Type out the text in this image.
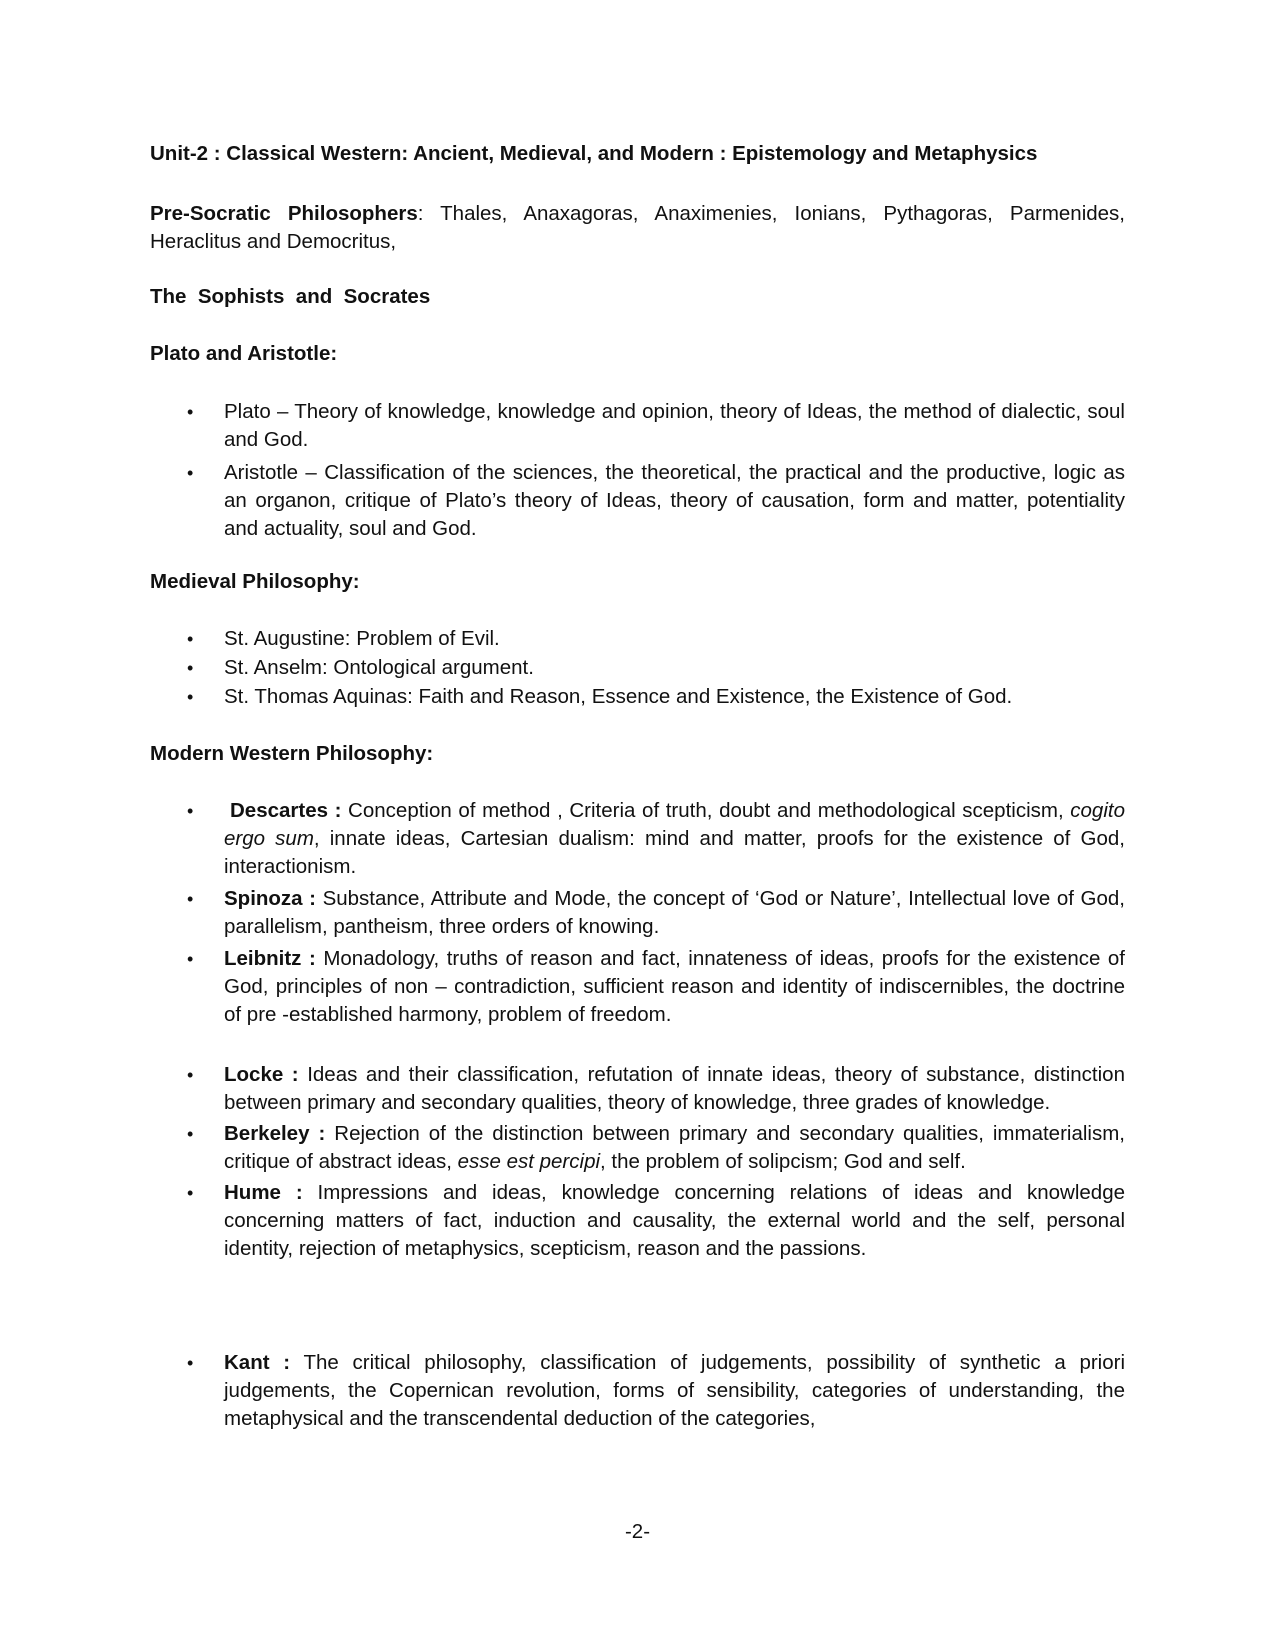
Unit-2 : Classical Western: Ancient, Medieval, and Modern : Epistemology and Metaphysics
Pre-Socratic Philosophers: Thales, Anaxagoras, Anaximenies, Ionians, Pythagoras, Parmenides, Heraclitus and Democritus,
The  Sophists  and  Socrates
Plato and Aristotle:
• Plato – Theory of knowledge, knowledge and opinion, theory of Ideas, the method of dialectic, soul and God.
• Aristotle – Classification of the sciences, the theoretical, the practical and the productive, logic as an organon, critique of Plato’s theory of Ideas, theory of causation, form and matter, potentiality and actuality, soul and God.
Medieval Philosophy:
• St. Augustine: Problem of Evil.
• St. Anselm: Ontological argument.
• St. Thomas Aquinas: Faith and Reason, Essence and Existence, the Existence of God.
Modern Western Philosophy:
• Descartes : Conception of method , Criteria of truth, doubt and methodological scepticism, cogito ergo sum, innate ideas, Cartesian dualism: mind and matter, proofs for the existence of God, interactionism.
• Spinoza : Substance, Attribute and Mode, the concept of ‘God or Nature’, Intellectual love of God, parallelism, pantheism, three orders of knowing.
• Leibnitz : Monadology, truths of reason and fact, innateness of ideas, proofs for the existence of God, principles of non – contradiction, sufficient reason and identity of indiscernibles, the doctrine of pre -established harmony, problem of freedom.
• Locke : Ideas and their classification, refutation of innate ideas, theory of substance, distinction between primary and secondary qualities, theory of knowledge, three grades of knowledge.
• Berkeley : Rejection of the distinction between primary and secondary qualities, immaterialism, critique of abstract ideas, esse est percipi, the problem of solipcism; God and self.
• Hume : Impressions and ideas, knowledge concerning relations of ideas and knowledge concerning matters of fact, induction and causality, the external world and the self, personal identity, rejection of metaphysics, scepticism, reason and the passions.
• Kant : The critical philosophy, classification of judgements, possibility of synthetic a priori judgements, the Copernican revolution, forms of sensibility, categories of understanding, the metaphysical and the transcendental deduction of the categories,
-2-
